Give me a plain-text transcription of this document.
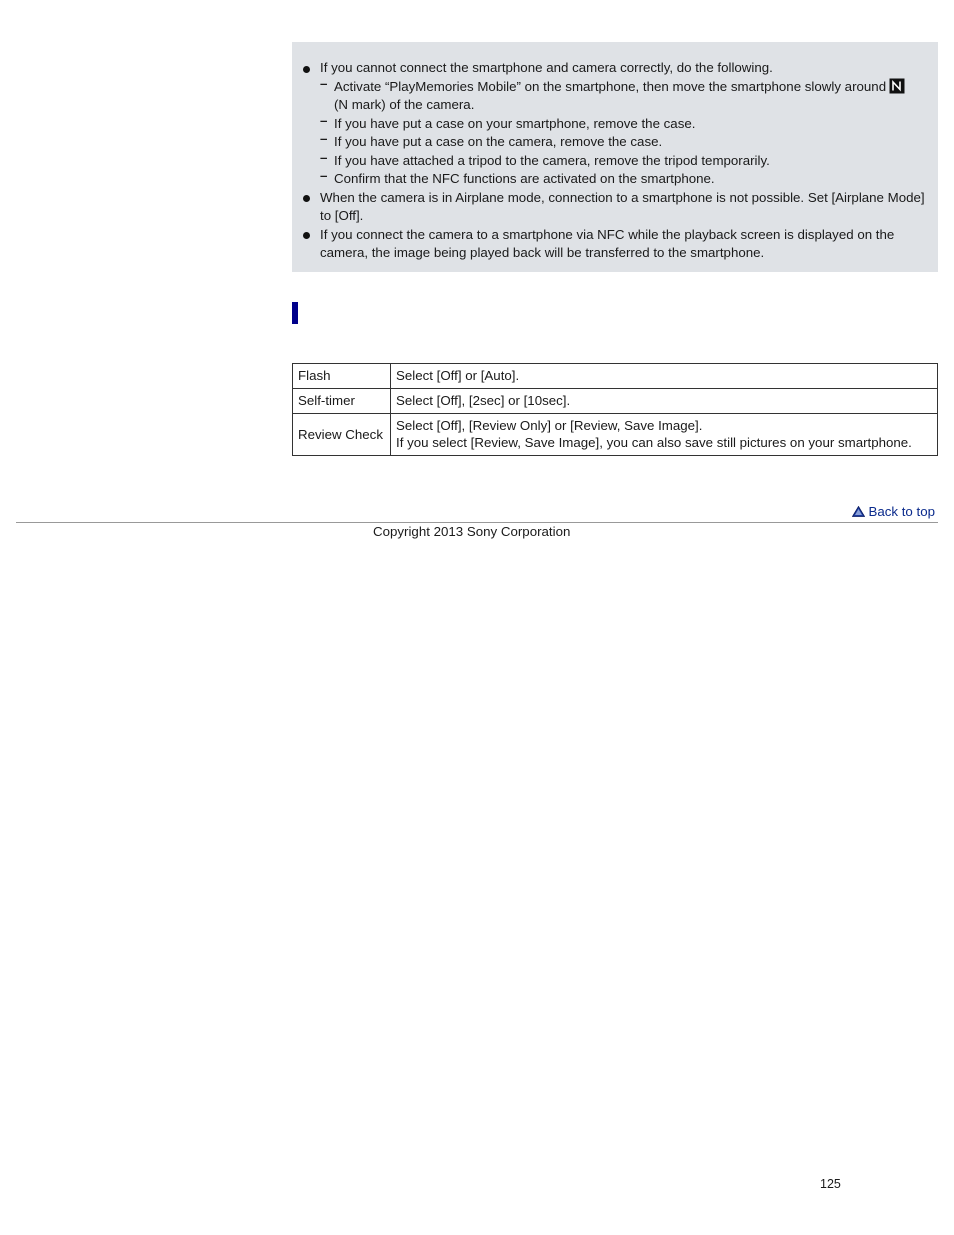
If you cannot connect the smartphone and camera correctly, do the following.
– Activate “PlayMemories Mobile” on the smartphone, then move the smartphone slowly around
(N mark) of the camera.
– If you have put a case on your smartphone, remove the case.
– If you have put a case on the camera, remove the case.
– If you have attached a tripod to the camera, remove the tripod temporarily.
– Confirm that the NFC functions are activated on the smartphone.
When the camera is in Airplane mode, connection to a smartphone is not possible. Set [Airplane Mode] to [Off].
If you connect the camera to a smartphone via NFC while the playback screen is displayed on the camera, the image being played back will be transferred to the smartphone.
Flash	Select [Off] or [Auto].
Self-timer	Select [Off], [2sec] or [10sec].
Review Check	Select [Off], [Review Only] or [Review, Save Image].
If you select [Review, Save Image], you can also save still pictures on your smartphone.
Back to top
Copyright 2013 Sony Corporation
125
